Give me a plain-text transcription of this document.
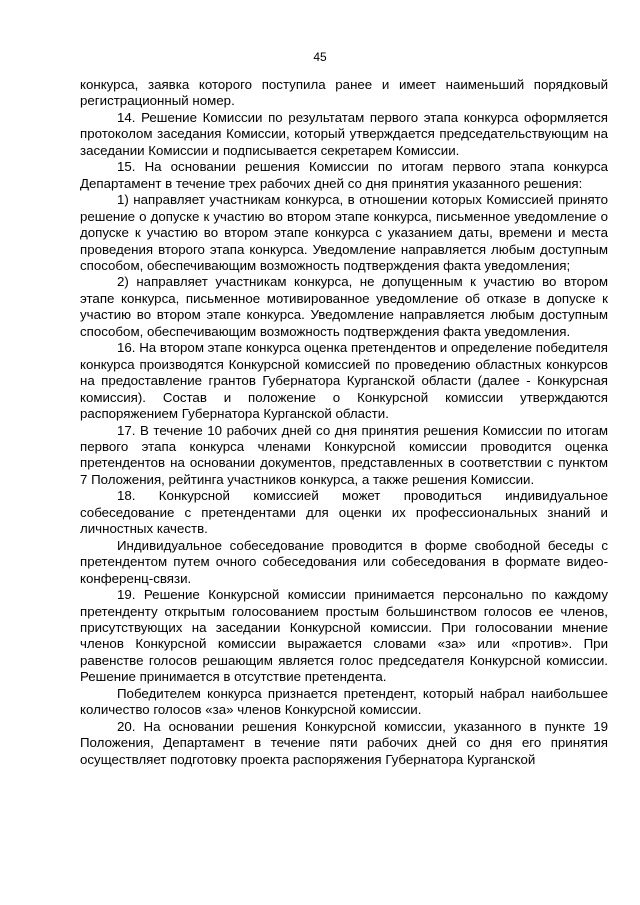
45

конкурса, заявка которого поступила ранее и имеет наименьший порядковый регистрационный номер.

14. Решение Комиссии по результатам первого этапа конкурса оформляется протоколом заседания Комиссии, который утверждается председательствующим на заседании Комиссии и подписывается секретарем Комиссии.

15. На основании решения Комиссии по итогам первого этапа конкурса Департамент в течение трех рабочих дней со дня принятия указанного решения:

1) направляет участникам конкурса, в отношении которых Комиссией принято решение о допуске к участию во втором этапе конкурса, письменное уведомление о допуске к участию во втором этапе конкурса с указанием даты, времени и места проведения второго этапа конкурса. Уведомление направляется любым доступным способом, обеспечивающим возможность подтверждения факта уведомления;

2) направляет участникам конкурса, не допущенным к участию во втором этапе конкурса, письменное мотивированное уведомление об отказе в допуске к участию во втором этапе конкурса. Уведомление направляется любым доступным способом, обеспечивающим возможность подтверждения факта уведомления.

16. На втором этапе конкурса оценка претендентов и определение победителя конкурса производятся Конкурсной комиссией по проведению областных конкурсов на предоставление грантов Губернатора Курганской области (далее - Конкурсная комиссия). Состав и положение о Конкурсной комиссии утверждаются распоряжением Губернатора Курганской области.

17. В течение 10 рабочих дней со дня принятия решения Комиссии по итогам первого этапа конкурса членами Конкурсной комиссии проводится оценка претендентов на основании документов, представленных в соответствии с пунктом 7 Положения, рейтинга участников конкурса, а также решения Комиссии.

18. Конкурсной комиссией может проводиться индивидуальное собеседование с претендентами для оценки их профессиональных знаний и личностных качеств.

Индивидуальное собеседование проводится в форме свободной беседы с претендентом путем очного собеседования или собеседования в формате видео-конференц-связи.

19. Решение Конкурсной комиссии принимается персонально по каждому претенденту открытым голосованием простым большинством голосов ее членов, присутствующих на заседании Конкурсной комиссии. При голосовании мнение членов Конкурсной комиссии выражается словами «за» или «против». При равенстве голосов решающим является голос председателя Конкурсной комиссии. Решение принимается в отсутствие претендента.

Победителем конкурса признается претендент, который набрал наибольшее количество голосов «за» членов Конкурсной комиссии.

20. На основании решения Конкурсной комиссии, указанного в пункте 19 Положения, Департамент в течение пяти рабочих дней со дня его принятия осуществляет подготовку проекта распоряжения Губернатора Курганской
